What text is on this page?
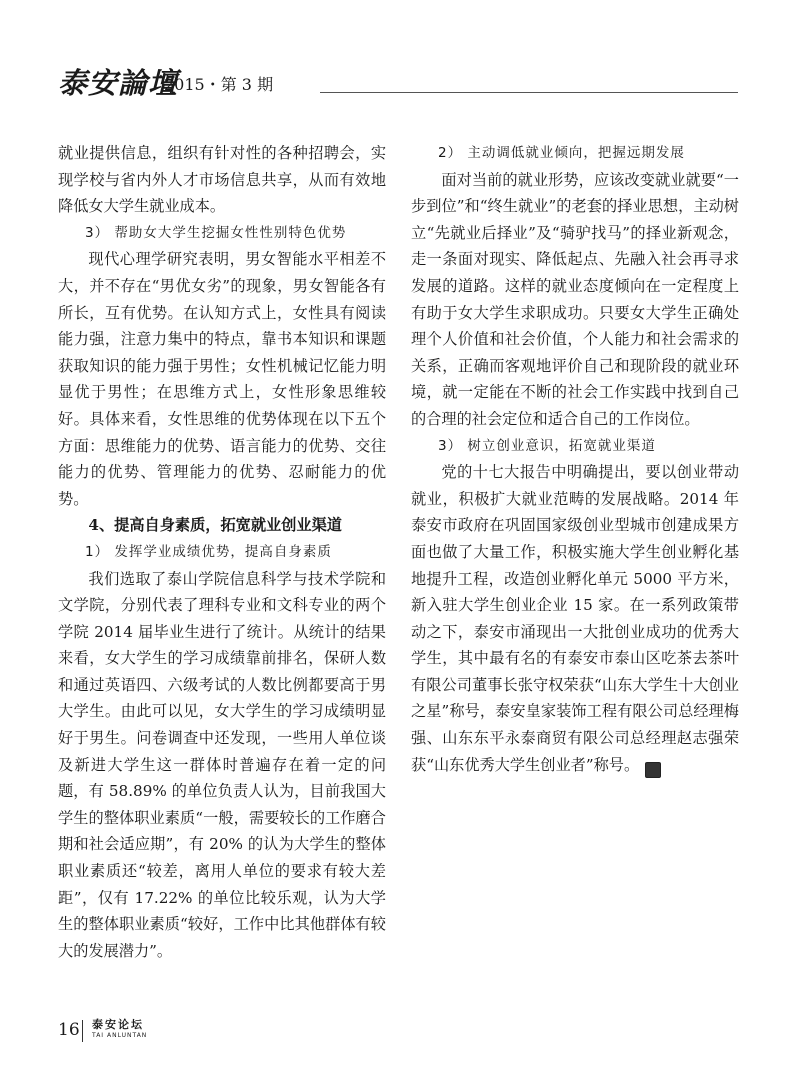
泰安論壇
2015・第 3 期

就业提供信息，组织有针对性的各种招聘会，实现学校与省内外人才市场信息共享，从而有效地降低女大学生就业成本。

3） 帮助女大学生挖掘女性性别特色优势

现代心理学研究表明，男女智能水平相差不大，并不存在“男优女劣”的现象，男女智能各有所长，互有优势。在认知方式上，女性具有阅读能力强，注意力集中的特点，靠书本知识和课题获取知识的能力强于男性；女性机械记忆能力明显优于男性；在思维方式上，女性形象思维较好。具体来看，女性思维的优势体现在以下五个方面：思维能力的优势、语言能力的优势、交往能力的优势、管理能力的优势、忍耐能力的优势。

4、提高自身素质，拓宽就业创业渠道

1） 发挥学业成绩优势，提高自身素质

我们选取了泰山学院信息科学与技术学院和文学院，分别代表了理科专业和文科专业的两个学院 2014 届毕业生进行了统计。从统计的结果来看，女大学生的学习成绩靠前排名，保研人数和通过英语四、六级考试的人数比例都要高于男大学生。由此可以见，女大学生的学习成绩明显好于男生。问卷调查中还发现，一些用人单位谈及新进大学生这一群体时普遍存在着一定的问题，有 58.89% 的单位负责人认为，目前我国大学生的整体职业素质“一般，需要较长的工作磨合期和社会适应期”，有 20% 的认为大学生的整体职业素质还“较差，离用人单位的要求有较大差距”，仅有 17.22% 的单位比较乐观，认为大学生的整体职业素质“较好，工作中比其他群体有较大的发展潜力”。

2） 主动调低就业倾向，把握远期发展

面对当前的就业形势，应该改变就业就要“一步到位”和“终生就业”的老套的择业思想，主动树立“先就业后择业”及“骑驴找马”的择业新观念，走一条面对现实、降低起点、先融入社会再寻求发展的道路。这样的就业态度倾向在一定程度上有助于女大学生求职成功。只要女大学生正确处理个人价值和社会价值，个人能力和社会需求的关系，正确而客观地评价自己和现阶段的就业环境，就一定能在不断的社会工作实践中找到自己的合理的社会定位和适合自己的工作岗位。

3） 树立创业意识，拓宽就业渠道

党的十七大报告中明确提出，要以创业带动就业，积极扩大就业范畴的发展战略。2014 年泰安市政府在巩固国家级创业型城市创建成果方面也做了大量工作，积极实施大学生创业孵化基地提升工程，改造创业孵化单元 5000 平方米，新入驻大学生创业企业 15 家。在一系列政策带动之下，泰安市涌现出一大批创业成功的优秀大学生，其中最有名的有泰安市泰山区吃茶去茶叶有限公司董事长张守权荣获“山东大学生十大创业之星”称号，泰安皇家装饰工程有限公司总经理梅强、山东东平永泰商贸有限公司总经理赵志强荣获“山东优秀大学生创业者”称号。	图

16 泰安论坛
TAI ANLUNTAN
